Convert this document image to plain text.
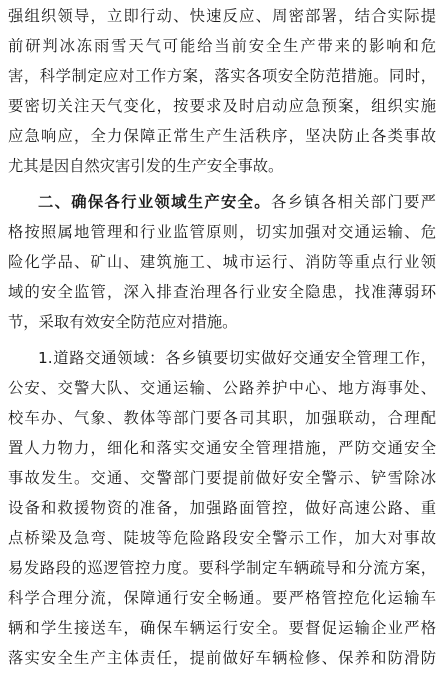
强组织领导，立即行动、快速反应、周密部署，结合实际提
前研判冰冻雨雪天气可能给当前安全生产带来的影响和危
害，科学制定应对工作方案，落实各项安全防范措施。同时，
要密切关注天气变化，按要求及时启动应急预案，组织实施
应急响应，全力保障正常生产生活秩序，坚决防止各类事故
尤其是因自然灾害引发的生产安全事故。
二、确保各行业领域生产安全。各乡镇各相关部门要严
格按照属地管理和行业监管原则，切实加强对交通运输、危
险化学品、矿山、建筑施工、城市运行、消防等重点行业领
域的安全监管，深入排查治理各行业安全隐患，找准薄弱环
节，采取有效安全防范应对措施。
1.道路交通领域：各乡镇要切实做好交通安全管理工作，
公安、交警大队、交通运输、公路养护中心、地方海事处、
校车办、气象、教体等部门要各司其职，加强联动，合理配
置人力物力，细化和落实交通安全管理措施，严防交通安全
事故发生。交通、交警部门要提前做好安全警示、铲雪除冰
设备和救援物资的准备，加强路面管控，做好高速公路、重
点桥梁及急弯、陡坡等危险路段安全警示工作，加大对事故
易发路段的巡逻管控力度。要科学制定车辆疏导和分流方案，
科学合理分流，保障通行安全畅通。要严格管控危化运输车
辆和学生接送车，确保车辆运行安全。要督促运输企业严格
落实安全生产主体责任，提前做好车辆检修、保养和防滑防
